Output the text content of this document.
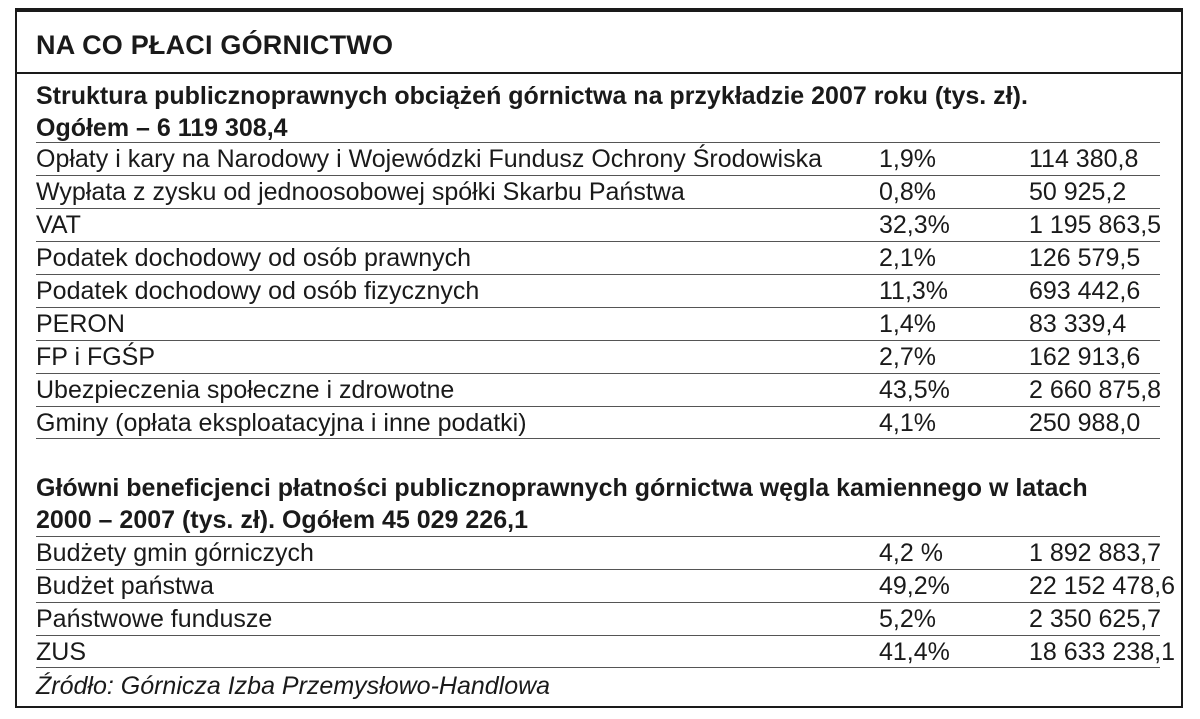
NA CO PŁACI GÓRNICTWO
Struktura publicznoprawnych obciążeń górnictwa na przykładzie 2007 roku (tys. zł).
Ogółem – 6 119 308,4
Opłaty i kary na Narodowy i Wojewódzki Fundusz Ochrony Środowiska 1,9%	114 380,8
Wypłata z zysku od jednoosobowej spółki Skarbu Państwa	0,8%	50 925,2
VAT	32,3%	1 195 863,5
Podatek dochodowy od osób prawnych	2,1%	126 579,5
Podatek dochodowy od osób fizycznych	11,3%	693 442,6
PERON	1,4%	83 339,4
FP i FGŚP	2,7%	162 913,6
Ubezpieczenia społeczne i zdrowotne	43,5%	2 660 875,8
Gminy (opłata eksploatacyjna i inne podatki)	4,1%	250 988,0
Główni beneficjenci płatności publicznoprawnych górnictwa węgla kamiennego w latach
2000 – 2007 (tys. zł). Ogółem 45 029 226,1
Budżety gmin górniczych	4,2 %	1 892 883,7
Budżet państwa	49,2%	22 152 478,6
Państwowe fundusze	5,2%	2 350 625,7
ZUS	41,4%	18 633 238,1
Źródło: Górnicza Izba Przemysłowo-Handlowa
